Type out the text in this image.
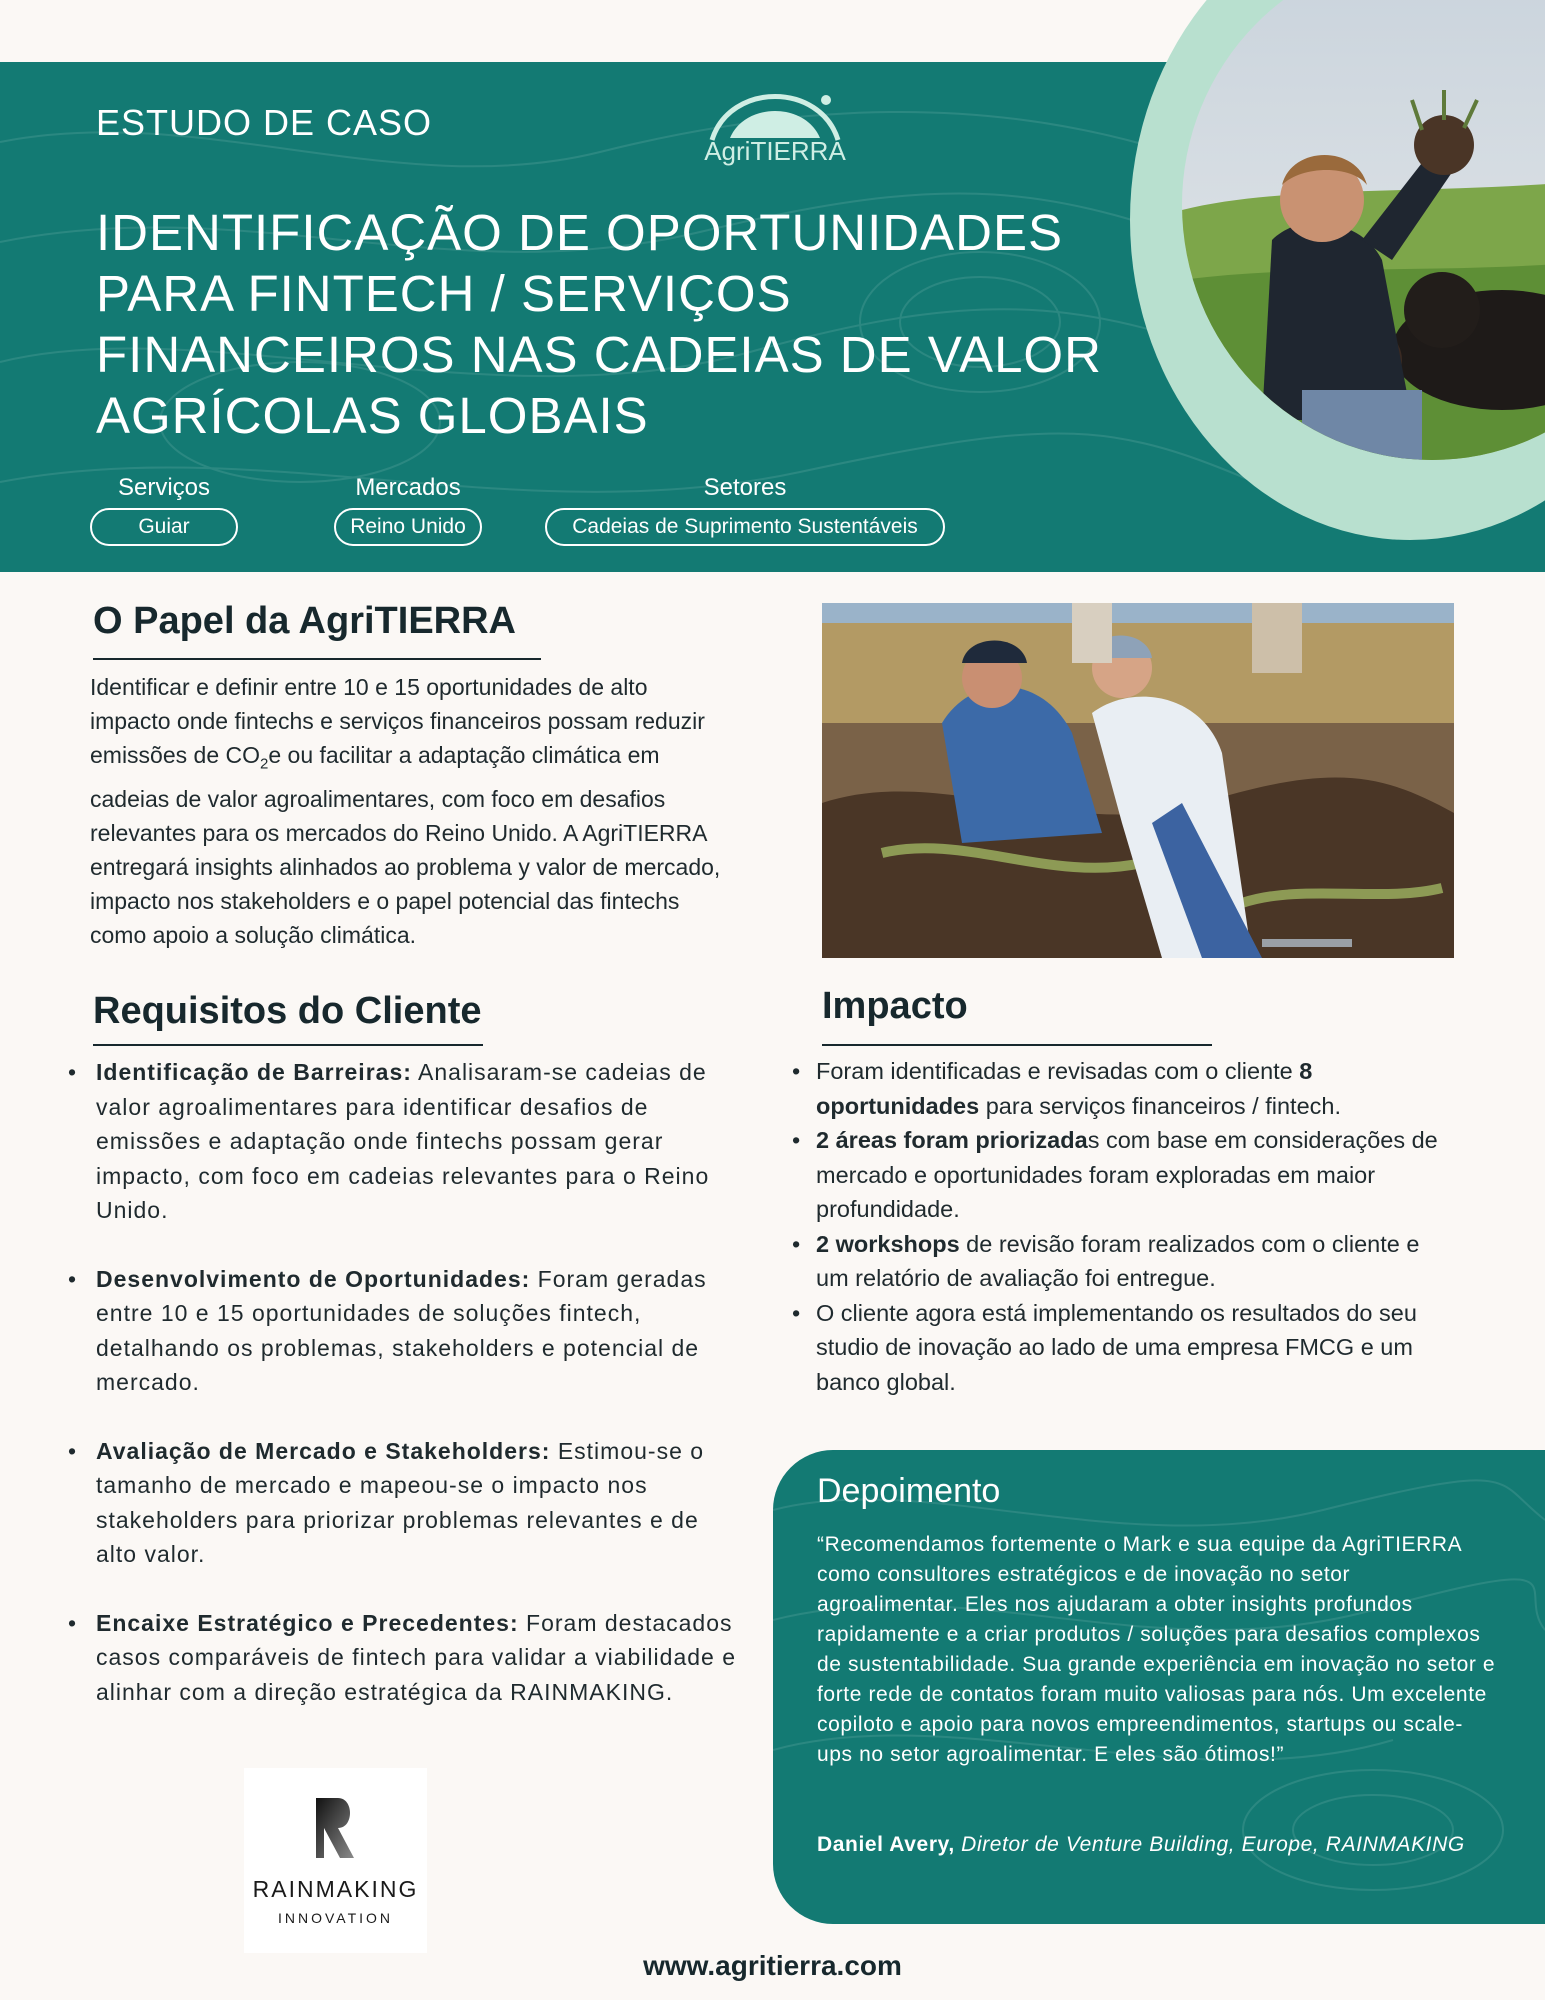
ESTUDO DE CASO
AgriTIERRA
IDENTIFICAÇÃO DE OPORTUNIDADES PARA FINTECH / SERVIÇOS FINANCEIROS NAS CADEIAS DE VALOR AGRÍCOLAS GLOBAIS
Serviços
Guiar
Mercados
Reino Unido
Setores
Cadeias de Suprimento Sustentáveis
O Papel da AgriTIERRA

Identificar e definir entre 10 e 15 oportunidades de alto impacto onde fintechs e serviços financeiros possam reduzir emissões de $CO_2e$ ou facilitar a adaptação climática em cadeias de valor agroalimentares, com foco em desafios relevantes para os mercados do Reino Unido. A AgriTIERRA entregará insights alinhados ao problema y valor de mercado, impacto nos stakeholders e o papel potencial das fintechs como apoio a solução climática.

Requisitos do Cliente
• Identificação de Barreiras: Analisaram-se cadeias de valor agroalimentares para identificar desafios de emissões e adaptação onde fintechs possam gerar impacto, com foco em cadeias relevantes para o Reino Unido.
• Desenvolvimento de Oportunidades: Foram geradas entre 10 e 15 oportunidades de soluções fintech, detalhando os problemas, stakeholders e potencial de mercado.
• Avaliação de Mercado e Stakeholders: Estimou-se o tamanho de mercado e mapeou-se o impacto nos stakeholders para priorizar problemas relevantes e de alto valor.
• Encaixe Estratégico e Precedentes: Foram destacados casos comparáveis de fintech para validar a viabilidade e alinhar com a direção estratégica da RAINMAKING.
Impacto
• Foram identificadas e revisadas com o cliente 8 oportunidades para serviços financeiros / fintech.
• 2 áreas foram priorizadas com base em considerações de mercado e oportunidades foram exploradas em maior profundidade.
• 2 workshops de revisão foram realizados com o cliente e um relatório de avaliação foi entregue.
• O cliente agora está implementando os resultados do seu studio de inovação ao lado de uma empresa FMCG e um banco global.
Depoimento

“Recomendamos fortemente o Mark e sua equipe da AgriTIERRA como consultores estratégicos e de inovação no setor agroalimentar. Eles nos ajudaram a obter insights profundos rapidamente e a criar produtos / soluções para desafios complexos de sustentabilidade. Sua grande experiência em inovação no setor e forte rede de contatos foram muito valiosas para nós. Um excelente copiloto e apoio para novos empreendimentos, startups ou scale-ups no setor agroalimentar. E eles são ótimos!”

Daniel Avery, Diretor de Venture Building, Europe, RAINMAKING

RAINMAKING
INNOVATION
www.agritierra.com
